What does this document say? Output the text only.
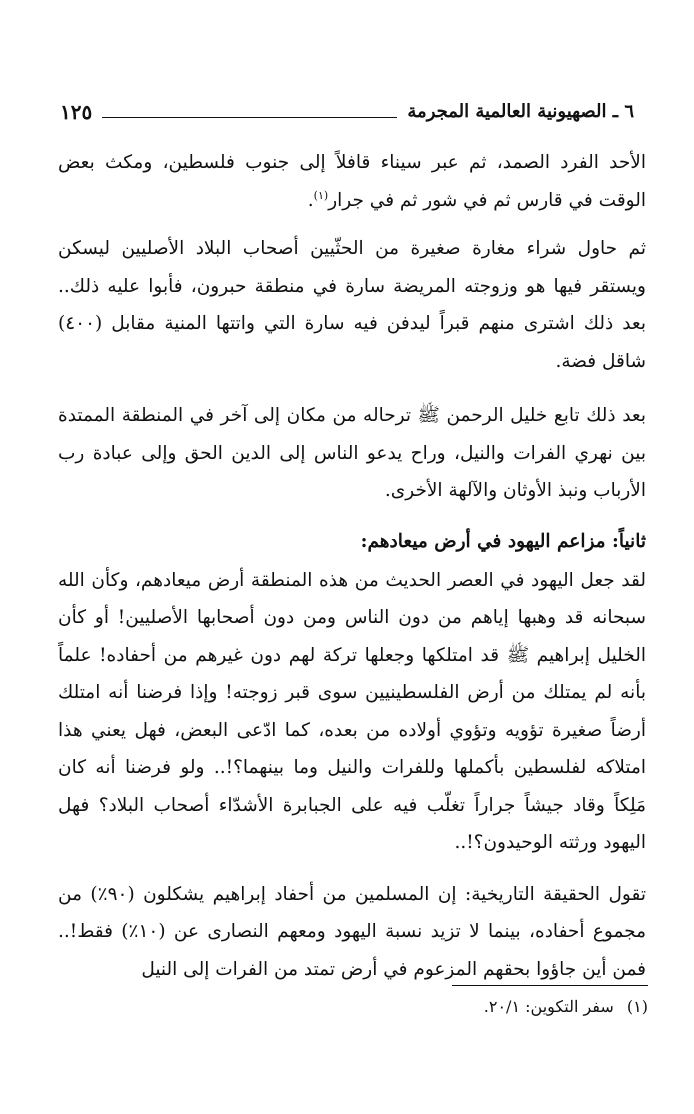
٦ ـ الصهيونية العالمية المجرمة
١٢٥

الأحد الفرد الصمد، ثم عبر سيناء قافلاً إلى جنوب فلسطين، ومكث بعض الوقت في قارس ثم في شور ثم في جرار$^{(١)}$.

ثم حاول شراء مغارة صغيرة من الحثّيين أصحاب البلاد الأصليين ليسكن ويستقر فيها هو وزوجته المريضة سارة في منطقة حبرون، فأبوا عليه ذلك.. بعد ذلك اشترى منهم قبراً ليدفن فيه سارة التي واتتها المنية مقابل (٤٠٠) شاقل فضة.

بعد ذلك تابع خليل الرحمن ﷺ ترحاله من مكان إلى آخر في المنطقة الممتدة بين نهري الفرات والنيل، وراح يدعو الناس إلى الدين الحق وإلى عبادة رب الأرباب ونبذ الأوثان والآلهة الأخرى.

ثانياً: مزاعم اليهود في أرض ميعادهم:

لقد جعل اليهود في العصر الحديث من هذه المنطقة أرض ميعادهم، وكأن الله سبحانه قد وهبها إياهم من دون الناس ومن دون أصحابها الأصليين! أو كأن الخليل إبراهيم ﷺ قد امتلكها وجعلها تركة لهم دون غيرهم من أحفاده! علماً بأنه لم يمتلك من أرض الفلسطينيين سوى قبر زوجته! وإذا فرضنا أنه امتلك أرضاً صغيرة تؤويه وتؤوي أولاده من بعده، كما ادّعى البعض، فهل يعني هذا امتلاكه لفلسطين بأكملها وللفرات والنيل وما بينهما؟!.. ولو فرضنا أنه كان مَلِكاً وقاد جيشاً جراراً تغلّب فيه على الجبابرة الأشدّاء أصحاب البلاد؟ فهل اليهود ورثته الوحيدون؟!..

تقول الحقيقة التاريخية: إن المسلمين من أحفاد إبراهيم يشكلون (٩٠٪) من مجموع أحفاده، بينما لا تزيد نسبة اليهود ومعهم النصارى عن (١٠٪) فقط!.. فمن أين جاؤوا بحقهم المزعوم في أرض تمتد من الفرات إلى النيل

(١) سفر التكوين: ٢٠/١.
